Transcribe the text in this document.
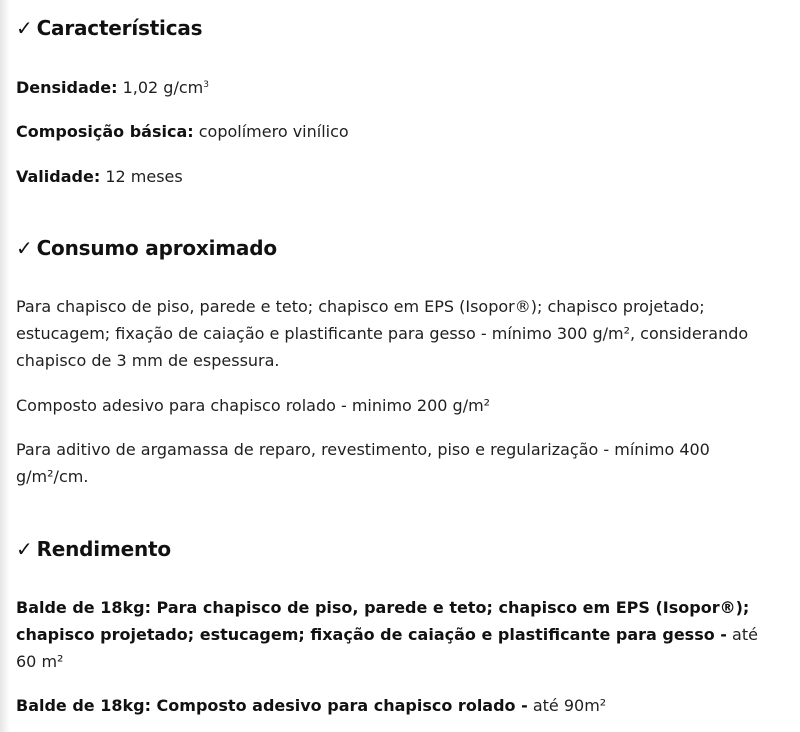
✓ Características

Densidade: 1,02 $g/cm^3$

Composição básica: copolímero vinílico

Validade: 12 meses

✓ Consumo aproximado

Para chapisco de piso, parede e teto; chapisco em EPS (Isopor®); chapisco projetado; estucagem; fixação de caiação e plastificante para gesso - mínimo 300 g/m², considerando chapisco de 3 mm de espessura.

Composto adesivo para chapisco rolado - minimo 200 g/m²

Para aditivo de argamassa de reparo, revestimento, piso e regularização - mínimo 400 g/m²/cm.

✓ Rendimento

Balde de 18kg: Para chapisco de piso, parede e teto; chapisco em EPS (Isopor®); chapisco projetado; estucagem; fixação de caiação e plastificante para gesso - até 60 m²

Balde de 18kg: Composto adesivo para chapisco rolado - até 90m²
